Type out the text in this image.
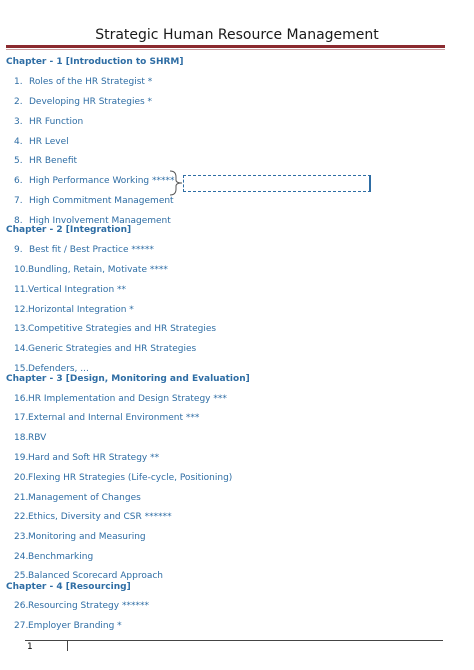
Strategic Human Resource Management
Chapter - 1 [Introduction to SHRM]
1. Roles of the HR Strategist *
2. Developing HR Strategies *
3. HR Function
4. HR Level
5. HR Benefit
6. High Performance Working *****
7. High Commitment Management
8. High Involvement Management
Chapter - 2 [Integration]
9. Best fit / Best Practice *****
10. Bundling, Retain, Motivate ****
11. Vertical Integration **
12. Horizontal Integration *
13. Competitive Strategies and HR Strategies
14. Generic Strategies and HR Strategies
15. Defenders, ...
Chapter - 3 [Design, Monitoring and Evaluation]
16. HR Implementation and Design Strategy ***
17. External and Internal Environment ***
18. RBV
19. Hard and Soft HR Strategy **
20. Flexing HR Strategies (Life-cycle, Positioning)
21. Management of Changes
22. Ethics, Diversity and CSR ******
23. Monitoring and Measuring
24. Benchmarking
25. Balanced Scorecard Approach
Chapter - 4 [Resourcing]
26. Resourcing Strategy ******
27. Employer Branding *
1
